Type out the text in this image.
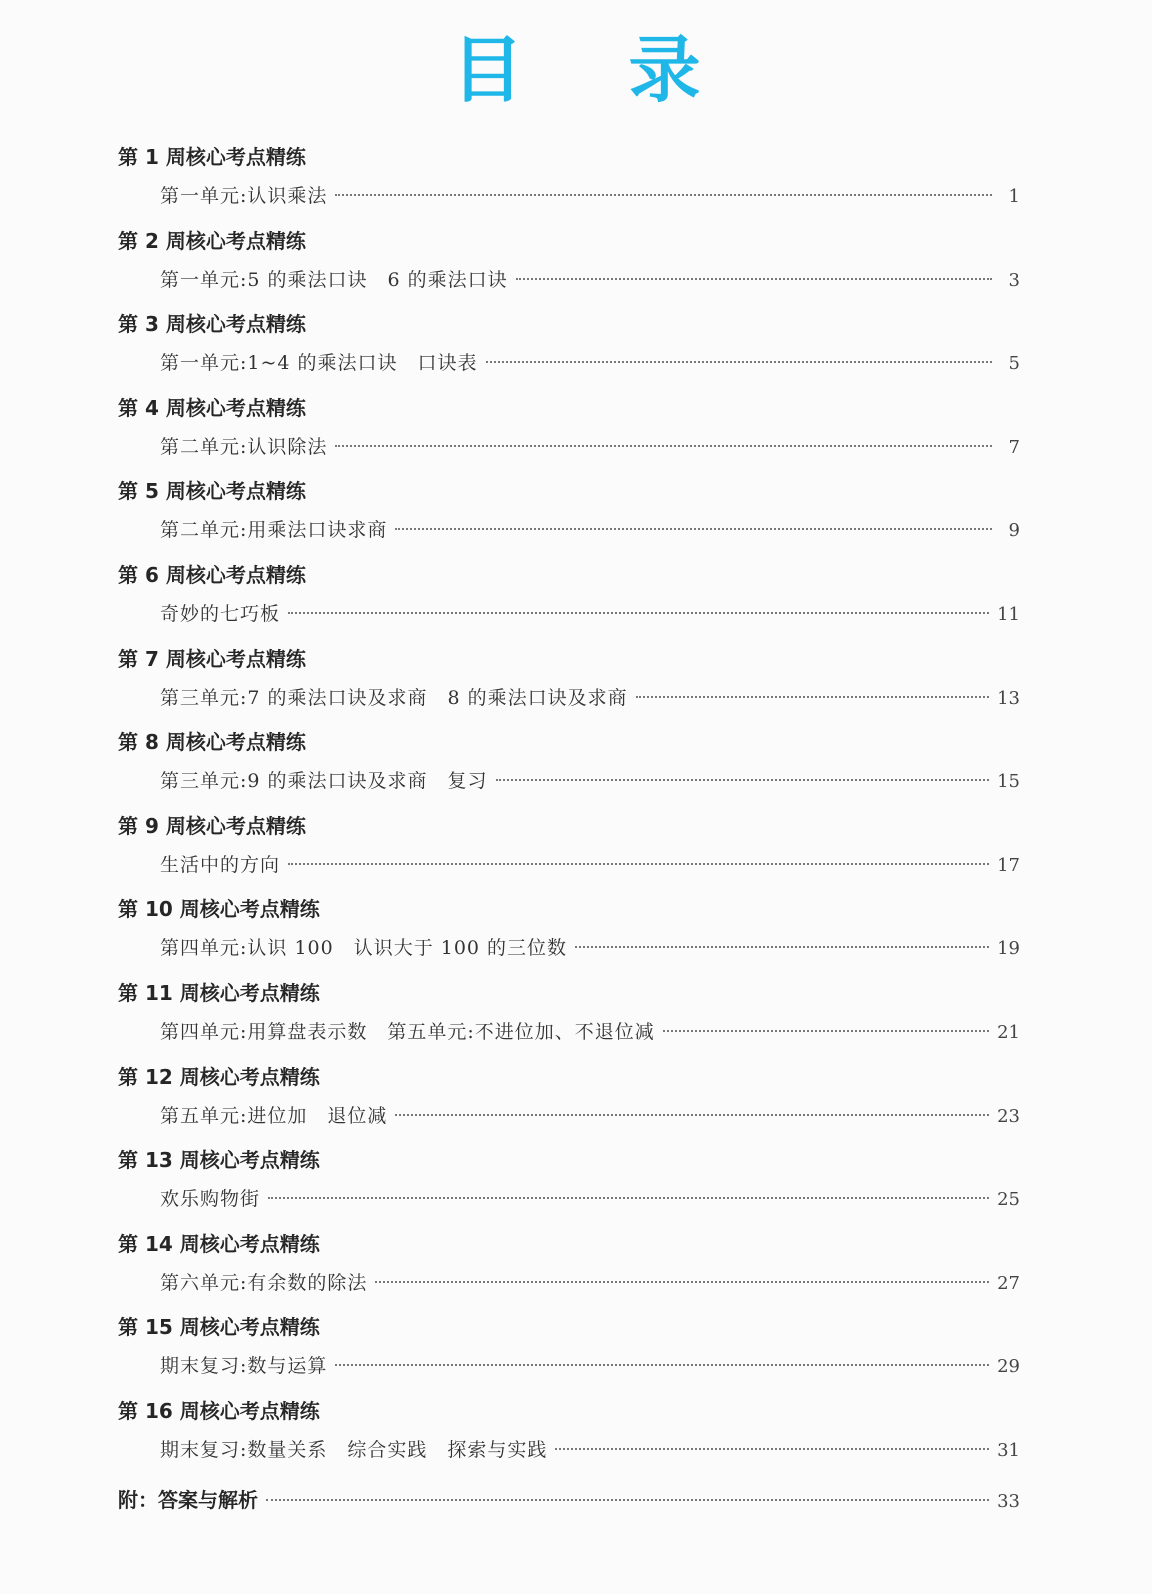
目 录
第 1 周核心考点精练
第一单元:认识乘法	1
第 2 周核心考点精练
第一单元:5 的乘法口诀　6 的乘法口诀	3
第 3 周核心考点精练
第一单元:1~4 的乘法口诀　口诀表	5
第 4 周核心考点精练
第二单元:认识除法	7
第 5 周核心考点精练
第二单元:用乘法口诀求商	9
第 6 周核心考点精练
奇妙的七巧板	11
第 7 周核心考点精练
第三单元:7 的乘法口诀及求商　8 的乘法口诀及求商	13
第 8 周核心考点精练
第三单元:9 的乘法口诀及求商　复习	15
第 9 周核心考点精练
生活中的方向	17
第 10 周核心考点精练
第四单元:认识 100　认识大于 100 的三位数	19
第 11 周核心考点精练
第四单元:用算盘表示数　第五单元:不进位加、不退位减	21
第 12 周核心考点精练
第五单元:进位加　退位减	23
第 13 周核心考点精练
欢乐购物街	25
第 14 周核心考点精练
第六单元:有余数的除法	27
第 15 周核心考点精练
期末复习:数与运算	29
第 16 周核心考点精练
期末复习:数量关系　综合实践　探索与实践	31
附：答案与解析	33
